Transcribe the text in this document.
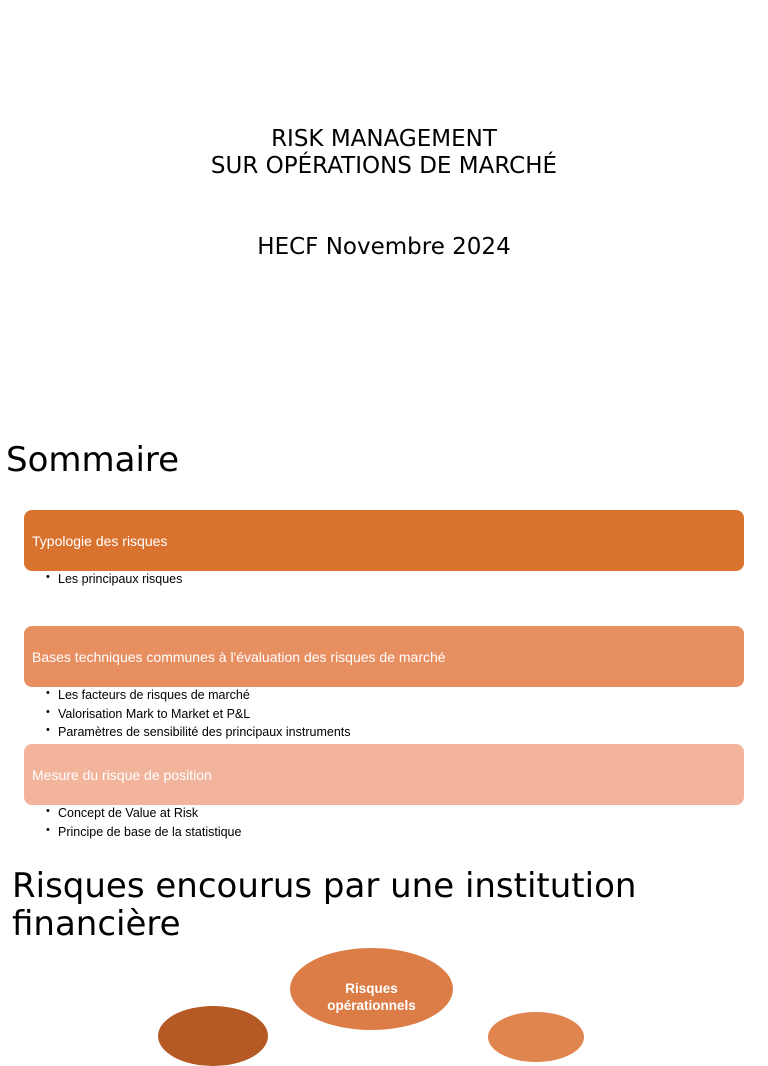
RISK MANAGEMENT
SUR OPÉRATIONS DE MARCHÉ
HECF Novembre 2024
Sommaire
Typologie des risques
• Les principaux risques
Bases techniques communes à l'évaluation des risques de marché
• Les facteurs de risques de marché
• Valorisation Mark to Market et P&L
• Paramètres de sensibilité des principaux instruments
Mesure du risque de position
• Concept de Value at Risk
• Principe de base de la statistique
Risques encourus par une institution
financière
Risques
opérationnels
